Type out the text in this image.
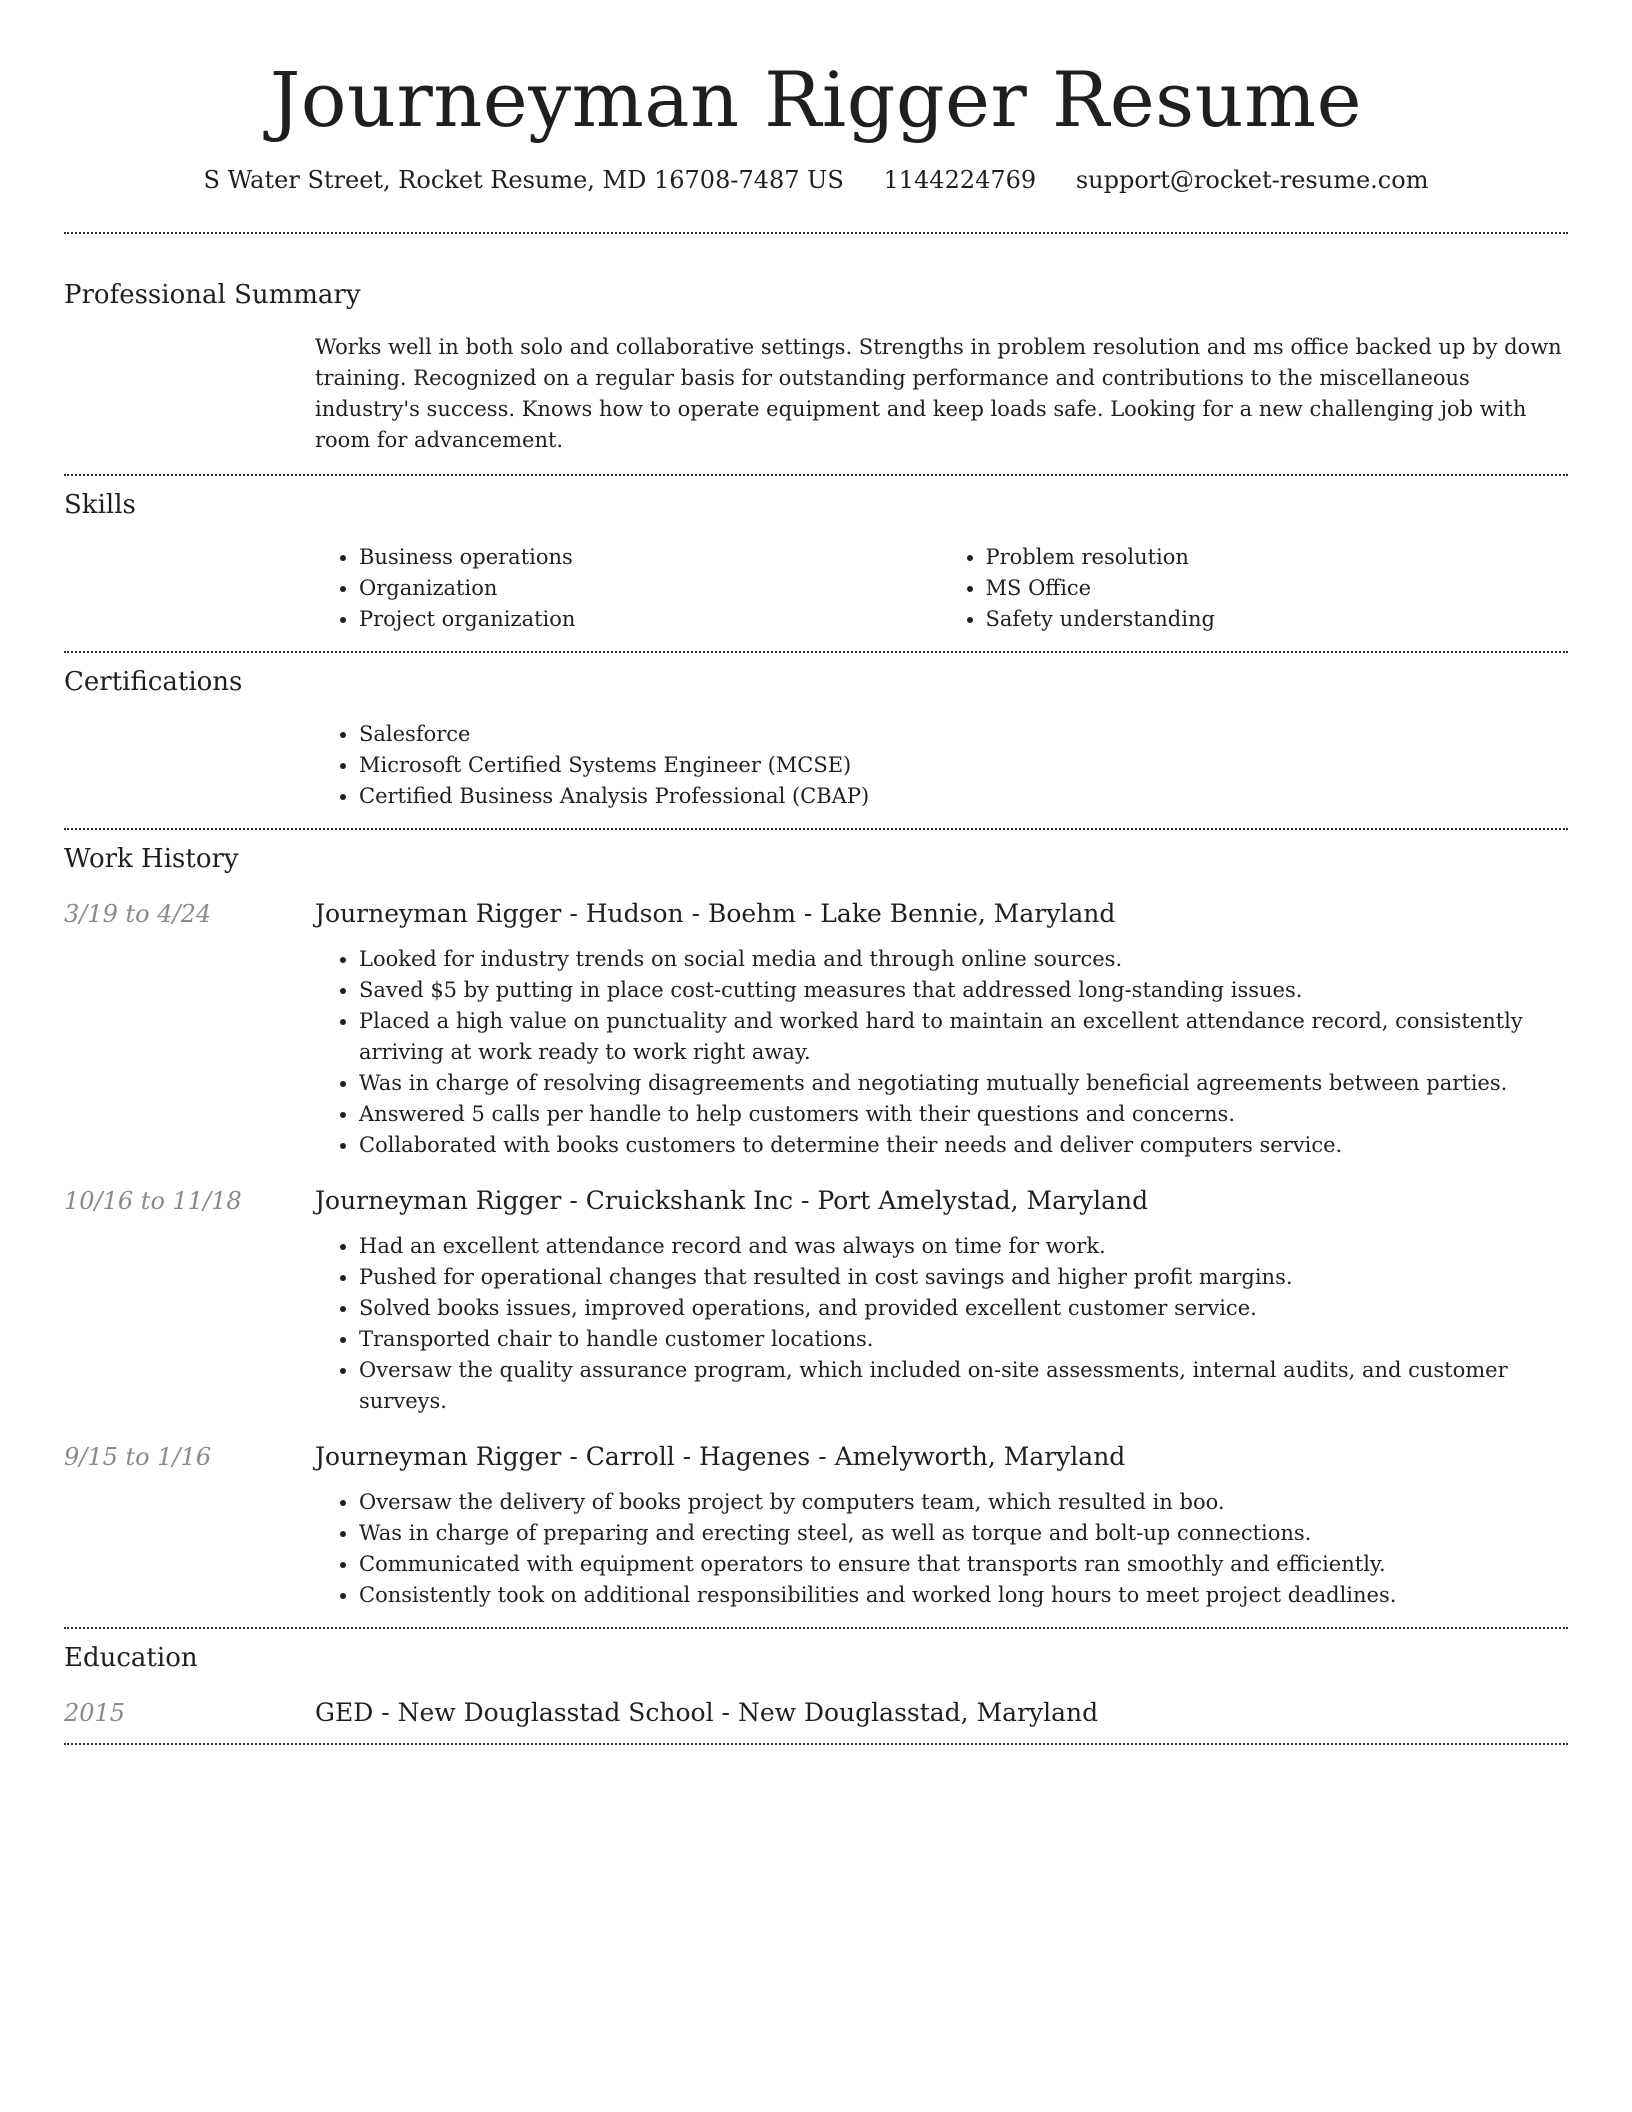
Journeyman Rigger Resume
S Water Street, Rocket Resume, MD 16708-7487 US 1144224769 support@rocket-resume.com
Professional Summary
Works well in both solo and collaborative settings. Strengths in problem resolution and ms office backed up by down training. Recognized on a regular basis for outstanding performance and contributions to the miscellaneous industry's success. Knows how to operate equipment and keep loads safe. Looking for a new challenging job with room for advancement.
Skills
• Business operations
• Organization
• Project organization
• Problem resolution
• MS Office
• Safety understanding
Certifications
• Salesforce
• Microsoft Certified Systems Engineer (MCSE)
• Certified Business Analysis Professional (CBAP)
Work History
3/19 to 4/24	Journeyman Rigger - Hudson - Boehm - Lake Bennie, Maryland
• Looked for industry trends on social media and through online sources.
• Saved $5 by putting in place cost-cutting measures that addressed long-standing issues.
• Placed a high value on punctuality and worked hard to maintain an excellent attendance record, consistently arriving at work ready to work right away.
• Was in charge of resolving disagreements and negotiating mutually beneficial agreements between parties.
• Answered 5 calls per handle to help customers with their questions and concerns.
• Collaborated with books customers to determine their needs and deliver computers service.
10/16 to 11/18	Journeyman Rigger - Cruickshank Inc - Port Amelystad, Maryland
• Had an excellent attendance record and was always on time for work.
• Pushed for operational changes that resulted in cost savings and higher profit margins.
• Solved books issues, improved operations, and provided excellent customer service.
• Transported chair to handle customer locations.
• Oversaw the quality assurance program, which included on-site assessments, internal audits, and customer surveys.
9/15 to 1/16	Journeyman Rigger - Carroll - Hagenes - Amelyworth, Maryland
• Oversaw the delivery of books project by computers team, which resulted in boo.
• Was in charge of preparing and erecting steel, as well as torque and bolt-up connections.
• Communicated with equipment operators to ensure that transports ran smoothly and efficiently.
• Consistently took on additional responsibilities and worked long hours to meet project deadlines.
Education
2015	GED - New Douglasstad School - New Douglasstad, Maryland
